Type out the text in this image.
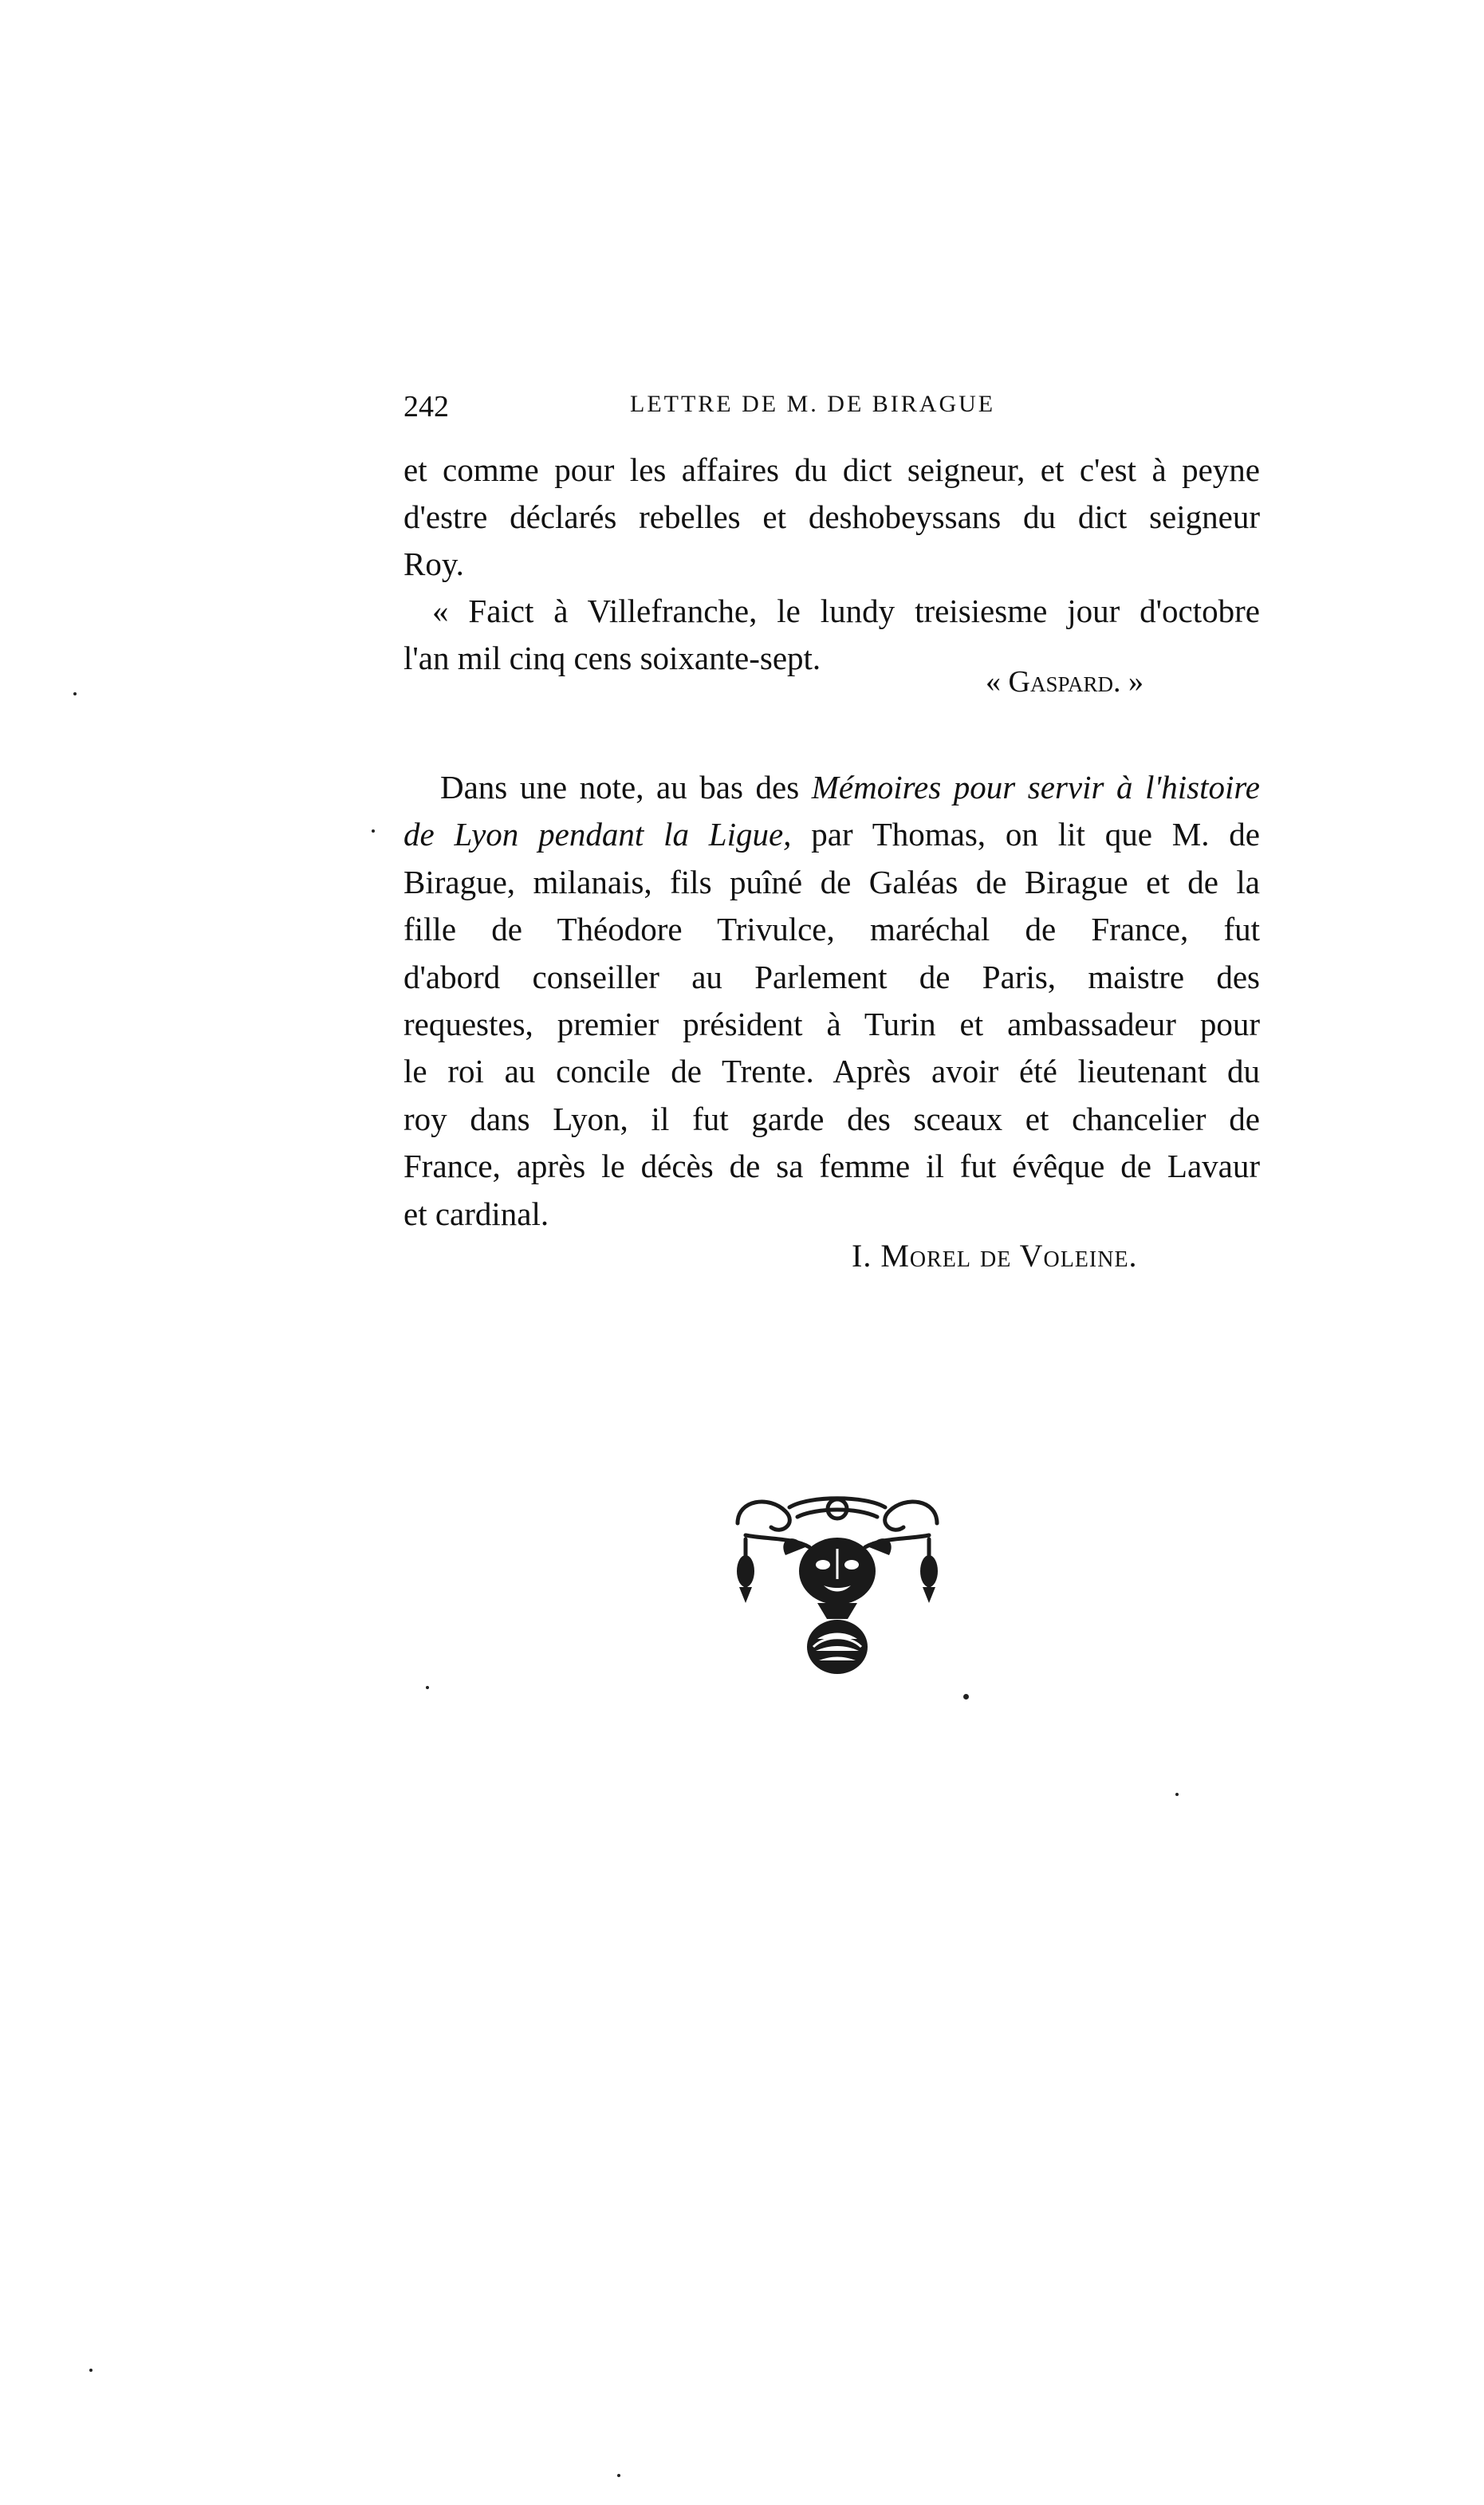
242	LETTRE DE M. DE BIRAGUE
et comme pour les affaires du dict seigneur, et c'est à peyne
d'estre déclarés rebelles et deshobeyssans du dict seigneur
Roy.
« Faict à Villefranche, le lundy treisiesme jour d'octobre
l'an mil cinq cens soixante-sept.
« Gaspard. »
Dans une note, au bas des Mémoires pour servir à l'histoire
de Lyon pendant la Ligue, par Thomas, on lit que M. de
Birague, milanais, fils puîné de Galéas de Birague et de la
fille de Théodore Trivulce, maréchal de France, fut
d'abord conseiller au Parlement de Paris, maistre des
requestes, premier président à Turin et ambassadeur pour
le roi au concile de Trente. Après avoir été lieutenant du
roy dans Lyon, il fut garde des sceaux et chancelier de
France, après le décès de sa femme il fut évêque de Lavaur
et cardinal.
I. Morel de Voleine.
